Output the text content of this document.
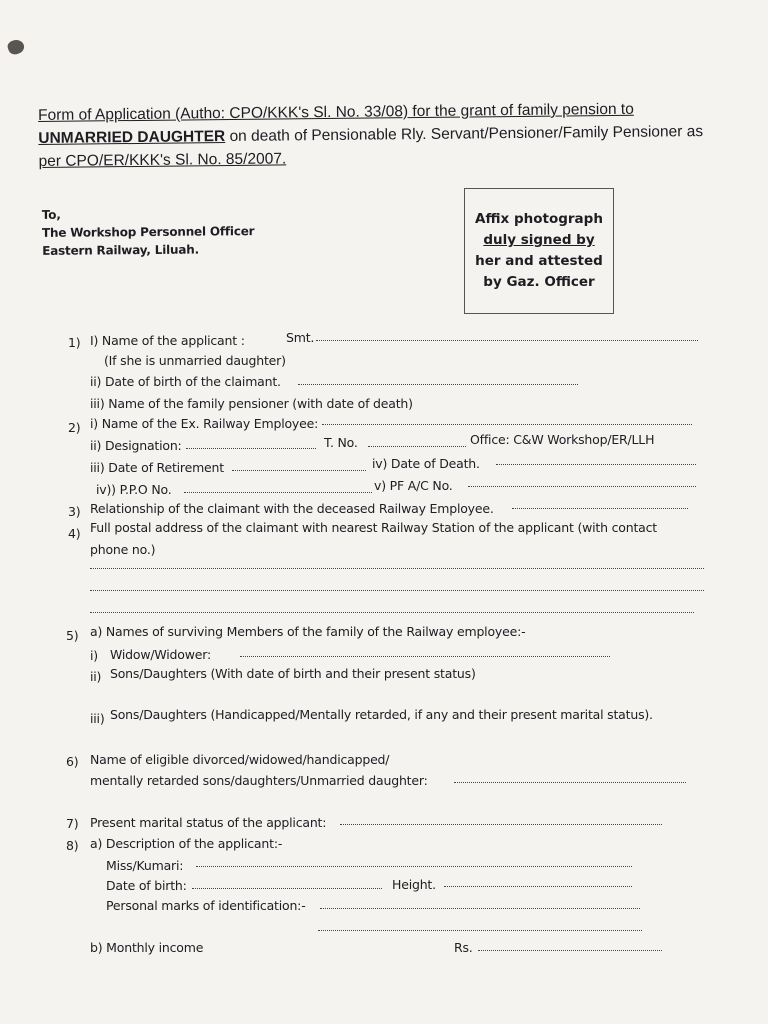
Form of Application (Autho: CPO/KKK's Sl. No. 33/08) for the grant of family pension to
UNMARRIED DAUGHTER on death of Pensionable Rly. Servant/Pensioner/Family Pensioner as
per CPO/ER/KKK's Sl. No. 85/2007.
To,
The Workshop Personnel Officer
Eastern Railway, Liluah.
Affix photograph
duly signed by
her and attested
by Gaz. Officer
1) I) Name of the applicant :	Smt.
(If she is unmarried daughter)
ii) Date of birth of the claimant.
iii) Name of the family pensioner (with date of death)
2) i) Name of the Ex. Railway Employee:
ii) Designation:	T. No.	Office: C&W Workshop/ER/LLH
iii) Date of Retirement	iv) Date of Death.
iv)) P.P.O No.	v) PF A/C No.
3) Relationship of the claimant with the deceased Railway Employee.
4) Full postal address of the claimant with nearest Railway Station of the applicant (with contact
phone no.)
5) a) Names of surviving Members of the family of the Railway employee:-
i) Widow/Widower:
ii) Sons/Daughters (With date of birth and their present status)
iii) Sons/Daughters (Handicapped/Mentally retarded, if any and their present marital status).
6) Name of eligible divorced/widowed/handicapped/
mentally retarded sons/daughters/Unmarried daughter:
7) Present marital status of the applicant:
8) a) Description of the applicant:-
Miss/Kumari:
Date of birth:	Height.
Personal marks of identification:-
b) Monthly income	Rs.
